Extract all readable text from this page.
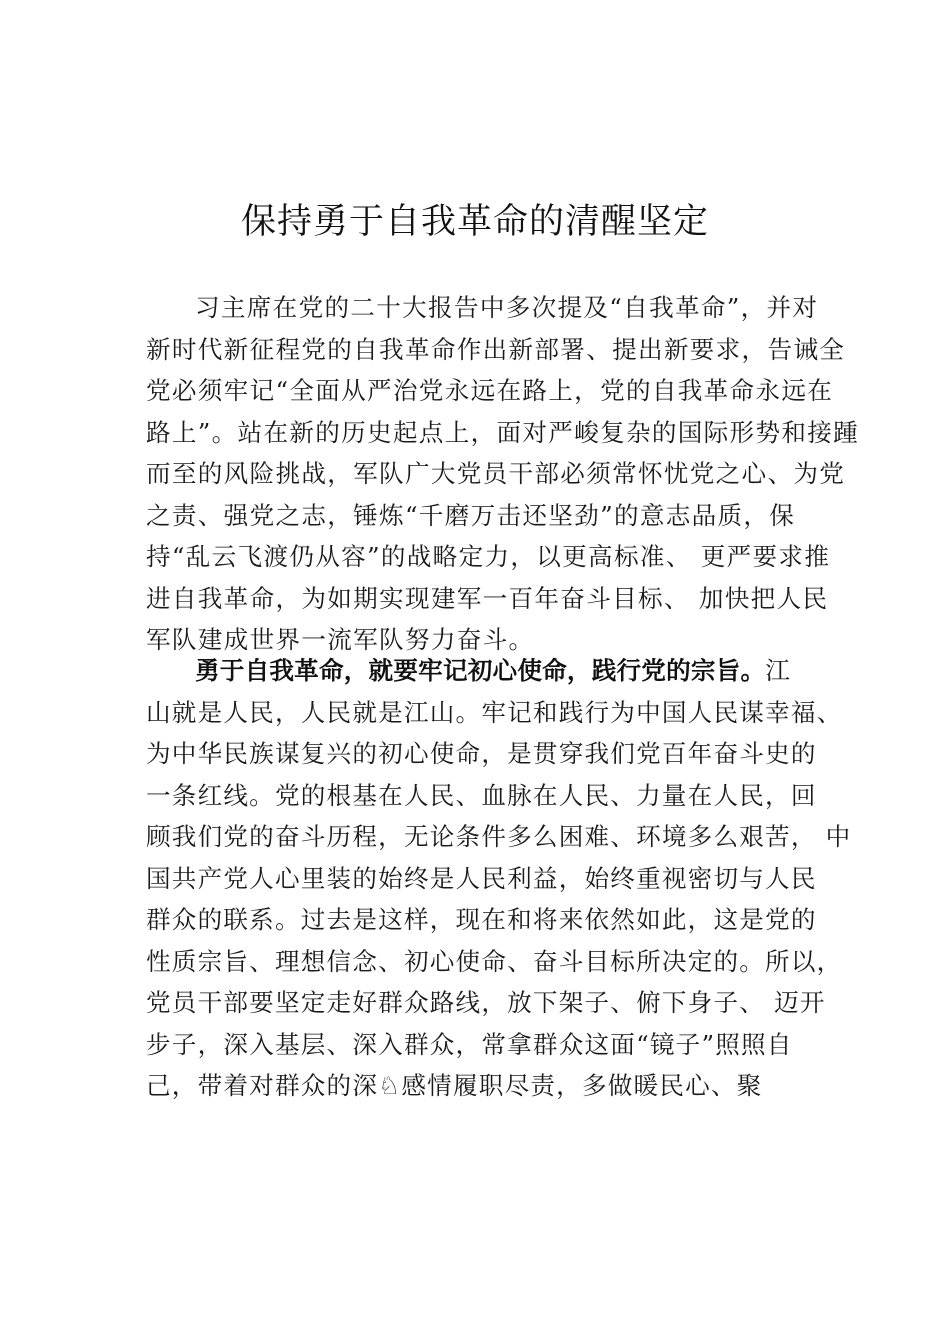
保持勇于自我革命的清醒坚定
习主席在党的二十大报告中多次提及“自我革命”，并对
新时代新征程党的自我革命作出新部署、提出新要求，告诫全
党必须牢记“全面从严治党永远在路上，党的自我革命永远在
路上”。站在新的历史起点上，面对严峻复杂的国际形势和接踵
而至的风险挑战，军队广大党员干部必须常怀忧党之心、为党
之责、强党之志，锤炼“千磨万击还坚劲”的意志品质，保
持“乱云飞渡仍从容”的战略定力，以更高标准、 更严要求推
进自我革命，为如期实现建军一百年奋斗目标、 加快把人民
军队建成世界一流军队努力奋斗。
勇于自我革命，就要牢记初心使命，践行党的宗旨。江
山就是人民，人民就是江山。牢记和践行为中国人民谋幸福、
为中华民族谋复兴的初心使命，是贯穿我们党百年奋斗史的
一条红线。党的根基在人民、血脉在人民、力量在人民，回
顾我们党的奋斗历程，无论条件多么困难、环境多么艰苦， 中
国共产党人心里装的始终是人民利益，始终重视密切与人民
群众的联系。过去是这样，现在和将来依然如此，这是党的
性质宗旨、理想信念、初心使命、奋斗目标所决定的。所以，
党员干部要坚定走好群众路线，放下架子、俯下身子、 迈开
步子，深入基层、深入群众，常拿群众这面“镜子”照照自
己，带着对群众的深♘感情履职尽责，多做暖民心、聚
